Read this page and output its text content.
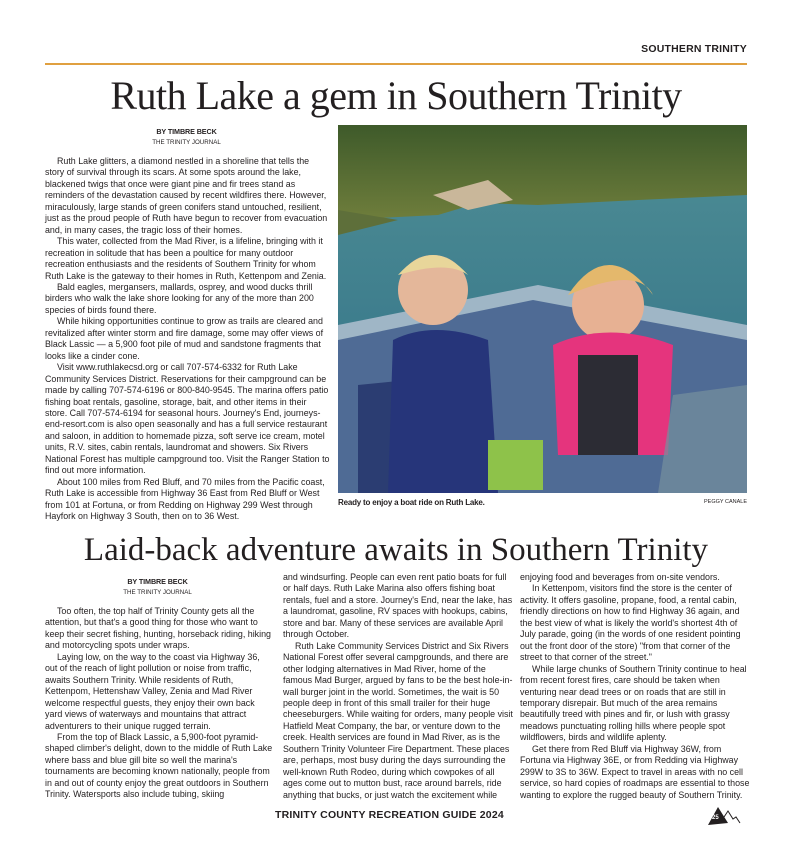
SOUTHERN TRINITY
Ruth Lake a gem in Southern Trinity
BY TIMBRE BECK
THE TRINITY JOURNAL

Ruth Lake glitters, a diamond nestled in a shoreline that tells the story of survival through its scars. At some spots around the lake, blackened twigs that once were giant pine and fir trees stand as reminders of the devastation caused by recent wildfires there. However, miraculously, large stands of green conifers stand untouched, resilient, just as the proud people of Ruth have begun to recover from evacuation and, in many cases, the tragic loss of their homes.

This water, collected from the Mad River, is a lifeline, bringing with it recreation in solitude that has been a poultice for many outdoor recreation enthusiasts and the residents of Southern Trinity for whom Ruth Lake is the gateway to their homes in Ruth, Kettenpom and Zenia.

Bald eagles, mergansers, mallards, osprey, and wood ducks thrill birders who walk the lake shore looking for any of the more than 200 species of birds found there.

While hiking opportunities continue to grow as trails are cleared and revitalized after winter storm and fire damage, some may offer views of Black Lassic — a 5,900 foot pile of mud and sandstone fragments that looks like a cinder cone.

Visit www.ruthlakecsd.org or call 707-574-6332 for Ruth Lake Community Services District. Reservations for their campground can be made by calling 707-574-6196 or 800-840-9545. The marina offers patio fishing boat rentals, gasoline, storage, bait, and other items in their store. Call 707-574-6194 for seasonal hours. Journey's End, journeys-end-resort.com is also open seasonally and has a full service restaurant and saloon, in addition to homemade pizza, soft serve ice cream, motel units, R.V. sites, cabin rentals, laundromat and showers. Six Rivers National Forest has multiple campground too. Visit the Ranger Station to find out more information.

About 100 miles from Red Bluff, and 70 miles from the Pacific coast, Ruth Lake is accessible from Highway 36 East from Red Bluff or West from 101 at Fortuna, or from Redding on Highway 299 West through Hayfork on Highway 3 South, then on to 36 West.

Ready to enjoy a boat ride on Ruth Lake.	PEGGY CANALE
Laid-back adventure awaits in Southern Trinity
BY TIMBRE BECK
THE TRINITY JOURNAL

Too often, the top half of Trinity County gets all the attention, but that's a good thing for those who want to keep their secret fishing, hunting, horseback riding, hiking and motorcycling spots under wraps.

Laying low, on the way to the coast via Highway 36, out of the reach of light pollution or noise from traffic, awaits Southern Trinity. While residents of Ruth, Kettenpom, Hettenshaw Valley, Zenia and Mad River welcome respectful guests, they enjoy their own back yard views of waterways and mountains that attract adventurers to their unique rugged terrain.

From the top of Black Lassic, a 5,900-foot pyramid-shaped climber's delight, down to the middle of Ruth Lake where bass and blue gill bite so well the marina's tournaments are becoming known nationally, people from in and out of county enjoy the great outdoors in Southern Trinity. Watersports also include tubing, skiing

and windsurfing. People can even rent patio boats for full or half days. Ruth Lake Marina also offers fishing boat rentals, fuel and a store. Journey's End, near the lake, has a laundromat, gasoline, RV spaces with hookups, cabins, store and bar. Many of these services are available April through October.

Ruth Lake Community Services District and Six Rivers National Forest offer several campgrounds, and there are other lodging alternatives in Mad River, home of the famous Mad Burger, argued by fans to be the best hole-in-wall burger joint in the world. Sometimes, the wait is 50 people deep in front of this small trailer for their huge cheeseburgers. While waiting for orders, many people visit Hatfield Meat Company, the bar, or venture down to the creek. Health services are found in Mad River, as is the Southern Trinity Volunteer Fire Department. These places are, perhaps, most busy during the days surrounding the well-known Ruth Rodeo, during which cowpokes of all ages come out to mutton bust, race around barrels, ride anything that bucks, or just watch the excitement while

enjoying food and beverages from on-site vendors.

In Kettenpom, visitors find the store is the center of activity. It offers gasoline, propane, food, a rental cabin, friendly directions on how to find Highway 36 again, and the best view of what is likely the world's shortest 4th of July parade, going (in the words of one resident pointing out the front door of the store) "from that corner of the street to that corner of the street."

While large chunks of Southern Trinity continue to heal from recent forest fires, care should be taken when venturing near dead trees or on roads that are still in temporary disrepair. But much of the area remains beautifully treed with pines and fir, or lush with grassy meadows punctuating rolling hills where people spot wildflowers, birds and wildlife aplenty.

Get there from Red Bluff via Highway 36W, from Fortuna via Highway 36E, or from Redding via Highway 299W to 3S to 36W. Expect to travel in areas with no cell service, so hard copies of roadmaps are essential to those wanting to explore the rugged beauty of Southern Trinity.

TRINITY COUNTY RECREATION GUIDE 2024	25
